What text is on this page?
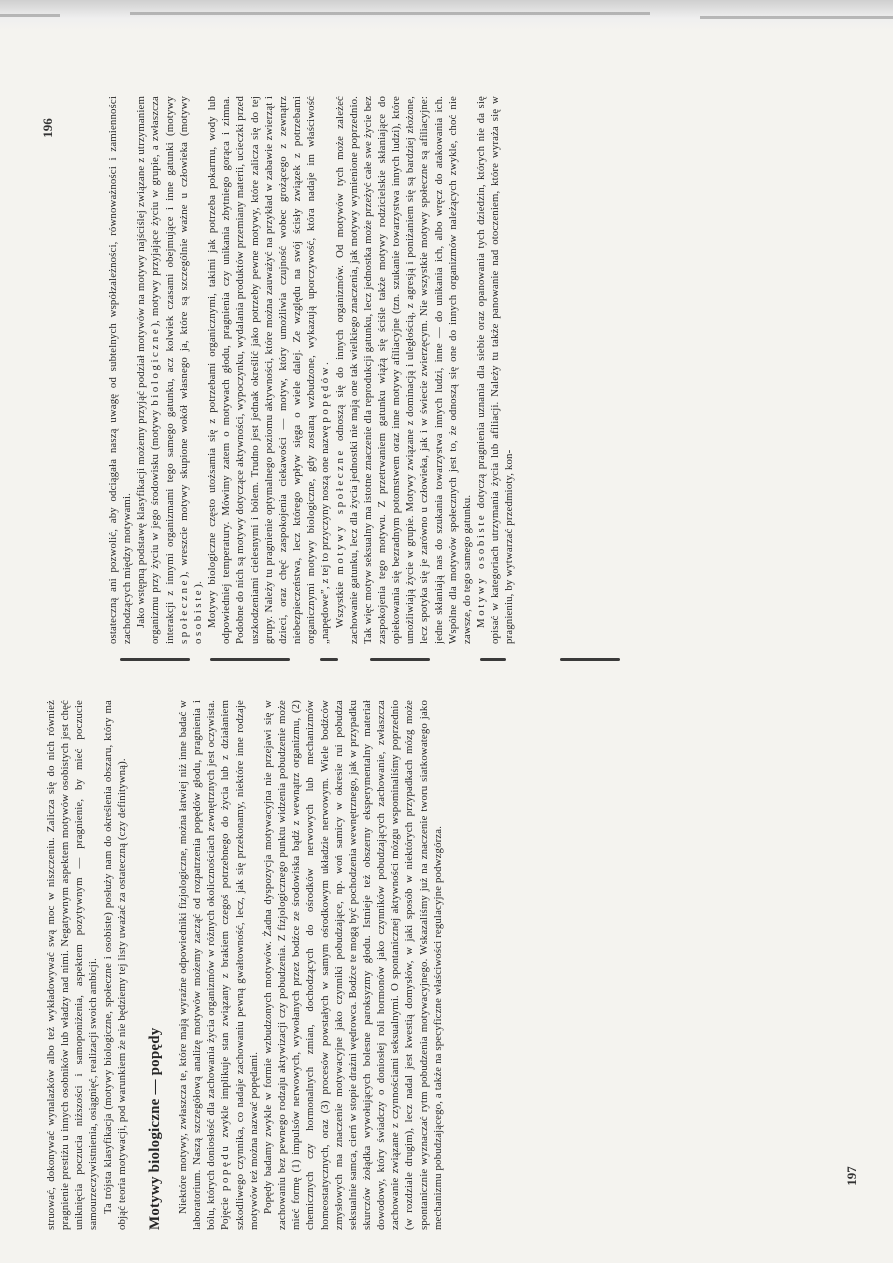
196
197

ostateczną ani pozwolić, aby odciągała naszą uwagę od subtelnych współzależności, równoważności i zamienności zachodzących między motywami. Jako wstępną podstawę klasyfikacji możemy przyjąć podział motywów na motywy najściślej związane z utrzymaniem organizmu przy życiu w jego środowisku (motywy biologiczne), motywy przyjające życiu w grupie, a zwłaszcza interakcji z innymi organizmami tego samego gatunku, acz kolwiek czasami obejmujące i inne gatunki (motywy społeczne), wreszcie motywy skupione wokół własnego ja, które są szczególnie ważne u człowieka (motywy osobiste). Motywy biologiczne często utożsamia się z potrzebami organicznymi, takimi jak potrzeba pokarmu, wody lub odpowiedniej temperatury. Mówimy zatem o motywach głodu, pragnienia czy unikania zbytniego gorąca i zimna. Podobne do nich są motywy dotyczące aktywności, wypoczynku, wydalania produktów przemiany materii, ucieczki przed uszkodzeniami cielesnymi i bólem. Trudno jest jednak określić jako potrzeby pewne motywy, które zalicza się do tej grupy. Należy tu pragnienie optymalnego poziomu aktywności, które można zauważyć na przykład w zabawie zwierząt i dzieci, oraz chęć zaspokojenia ciekawości — motyw, który umożliwia czujność wobec grożącego z zewnątrz niebezpieczeństwa, lecz którego wpływ sięga o wiele dalej. Ze względu na swój ścisły związek z potrzebami organicznymi motywy biologiczne, gdy zostaną wzbudzone, wykazują uporczywość, która nadaje im właściwość „napędowe”, z tej to przyczyny noszą one nazwę popędów.

Wszystkie motywy społeczne odnoszą się do innych organizmów. Od motywów tych może zależeć zachowanie gatunku, lecz dla życia jednostki nie mają one tak wielkiego znaczenia, jak motywy wymienione poprzednio. Tak więc motyw seksualny ma istotne znaczenie dla reprodukcji gatunku, lecz jednostka może przeżyć całe swe życie bez zaspokojenia tego motywu. Z przetrwaniem gatunku wiążą się ściśle także motywy rodzicielskie skłaniające do opiekowania się bezradnym potomstwem oraz inne motywy afiliacyjne (tzn. szukanie towarzystwa innych ludzi), które umożliwiają życie w grupie. Motywy związane z dominacją i uległością, z agresją i poniżaniem się są bardziej złożone, lecz spotyka się je zarówno u człowieka, jak i w świecie zwierzęcym. Nie wszystkie motywy społeczne są afiliacyjne: jedne skłaniają nas do szukania towarzystwa innych ludzi, inne — do unikania ich, albo wręcz do atakowania ich. Wspólne dla motywów społecznych jest to, że odnoszą się one do innych organizmów należących zwykle, choć nie zawsze, do tego samego gatunku. Motywy osobiste dotyczą pragnienia uznania dla siebie oraz opanowania tych dziedzin, których nie da się opisać w kategoriach utrzymania życia lub afiliacji. Należy tu także panowanie nad otoczeniem, które wyraża się w pragnieniu, by wytwarzać przedmioty, kon-

struować, dokonywać wynalazków albo też wykładowywać swą moc w niszczeniu. Zalicza się do nich również pragnienie prestiżu u innych osobników lub władzy nad nimi. Negatywnym aspektem motywów osobistych jest chęć uniknięcia poczucia niższości i samoponiżenia, aspektem pozytywnym — pragnienie, by mieć poczucie samourzeczywistnienia, osiągnięć, realizacji swoich ambicji. Ta trójsta klasyfikacja (motywy biologiczne, społeczne i osobiste) posłuży nam do określenia obszaru, który ma objąć teoria motywacji, pod warunkiem że nie będziemy tej listy uważać za ostateczną (czy definitywną). Motywy biologiczne — popędy Niektóre motywy, zwłaszcza te, które mają wyraźne odpowiedniki fizjologiczne, można łatwiej niż inne badać w laboratorium. Naszą szczegółową analizę motywów możemy zacząć od rozpatrzenia popędów głodu, pragnienia i bólu, których doniosłość dla zachowania życia organizmów w różnych okolicznościach zewnętrznych jest oczywista. Pojęcie popędu zwykle implikuje stan związany z brakiem czegoś potrzebnego do życia lub z działaniem szkodliwego czynnika, co nadaje zachowaniu pewną gwałtowność, lecz, jak się przekonamy, niektóre inne rodzaje motywów też można nazwać popędami. Popędy badamy zwykle w formie wzbudzonych motywów. Żadna dyspozycja motywacyjna nie przejawi się w zachowaniu bez pewnego rodzaju aktywizacji czy pobudzenia. Z fizjologicznego punktu widzenia pobudzenie może mieć formę (1) impulsów nerwowych, wywołanych przez bodźce ze środowiska bądź z wewnątrz organizmu, (2) chemicznych czy hormonalnych zmian, dochodzących do ośrodków nerwowych lub mechanizmów homeostatycznych, oraz (3) procesów powstałych w samym ośrodkowym układzie nerwowym. Wiele bodźców zmysłowych ma znaczenie motywacyjne jako czynniki pobudzające, np. woń samicy w okresie rui pobudza seksualnie samca, cierń w stopie drażni wędrowca. Bodźce te mogą być pochodzenia wewnętrznego, jak w przypadku skurczów żołądka wywołujących bolesne paroksyzmy głodu. Istnieje też obszerny eksperymentalny materiał dowodowy, który świadczy o doniosłej roli hormonów jako czynników pobudzających zachowanie, zwłaszcza zachowanie związane z czynnościami seksualnymi. O spontanicznej aktywności mózgu wspominaliśmy poprzednio (w rozdziale drugim), lecz nadal jest kwestią domysłów, w jaki sposób w niektórych przypadkach mózg może spontanicznie wyznaczać rytm pobudzenia motywacyjnego. Wskazaliśmy już na znaczenie tworu siatkowatego jako mechanizmu pobudzającego, a także na specyficzne właściwości regulacyjne podwzgórza.
